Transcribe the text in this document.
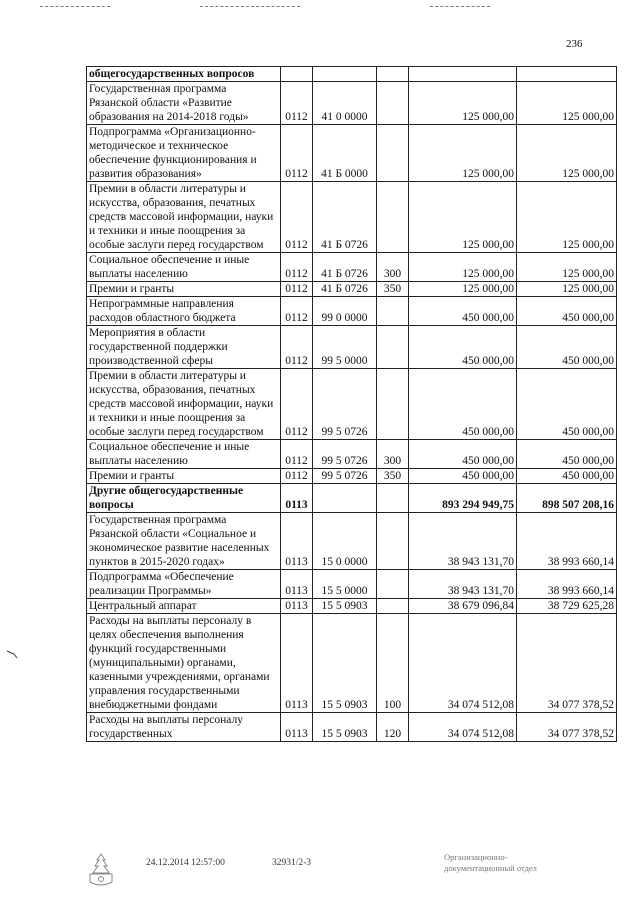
236
общегосударственных вопросов					
Государственная программа Рязанской области «Развитие образования на 2014-2018 годы»	0112	41 0 0000		125 000,00	125 000,00
Подпрограмма «Организационно-методическое и техническое обеспечение функционирования и развития образования»	0112	41 Б 0000		125 000,00	125 000,00
Премии в области литературы и искусства, образования, печатных средств массовой информации, науки и техники и иные поощрения за особые заслуги перед государством	0112	41 Б 0726		125 000,00	125 000,00
Социальное обеспечение и иные выплаты населению	0112	41 Б 0726	300	125 000,00	125 000,00
Премии и гранты	0112	41 Б 0726	350	125 000,00	125 000,00
Непрограммные направления расходов областного бюджета	0112	99 0 0000		450 000,00	450 000,00
Мероприятия в области государственной поддержки производственной сферы	0112	99 5 0000		450 000,00	450 000,00
Премии в области литературы и искусства, образования, печатных средств массовой информации, науки и техники и иные поощрения за особые заслуги перед государством	0112	99 5 0726		450 000,00	450 000,00
Социальное обеспечение и иные выплаты населению	0112	99 5 0726	300	450 000,00	450 000,00
Премии и гранты	0112	99 5 0726	350	450 000,00	450 000,00
Другие общегосударственные вопросы	0113			893 294 949,75	898 507 208,16
Государственная программа Рязанской области «Социальное и экономическое развитие населенных пунктов в 2015-2020 годах»	0113	15 0 0000		38 943 131,70	38 993 660,14
Подпрограмма «Обеспечение реализации Программы»	0113	15 5 0000		38 943 131,70	38 993 660,14
Центральный аппарат	0113	15 5 0903		38 679 096,84	38 729 625,28
Расходы на выплаты персоналу в целях обеспечения выполнения функций государственными (муниципальными) органами, казенными учреждениями, органами управления государственными внебюджетными фондами	0113	15 5 0903	100	34 074 512,08	34 077 378,52
Расходы на выплаты персоналу государственных	0113	15 5 0903	120	34 074 512,08	34 077 378,52
24.12.2014 12:57:00	32931/2-3
Организационно-
документационный отдел
